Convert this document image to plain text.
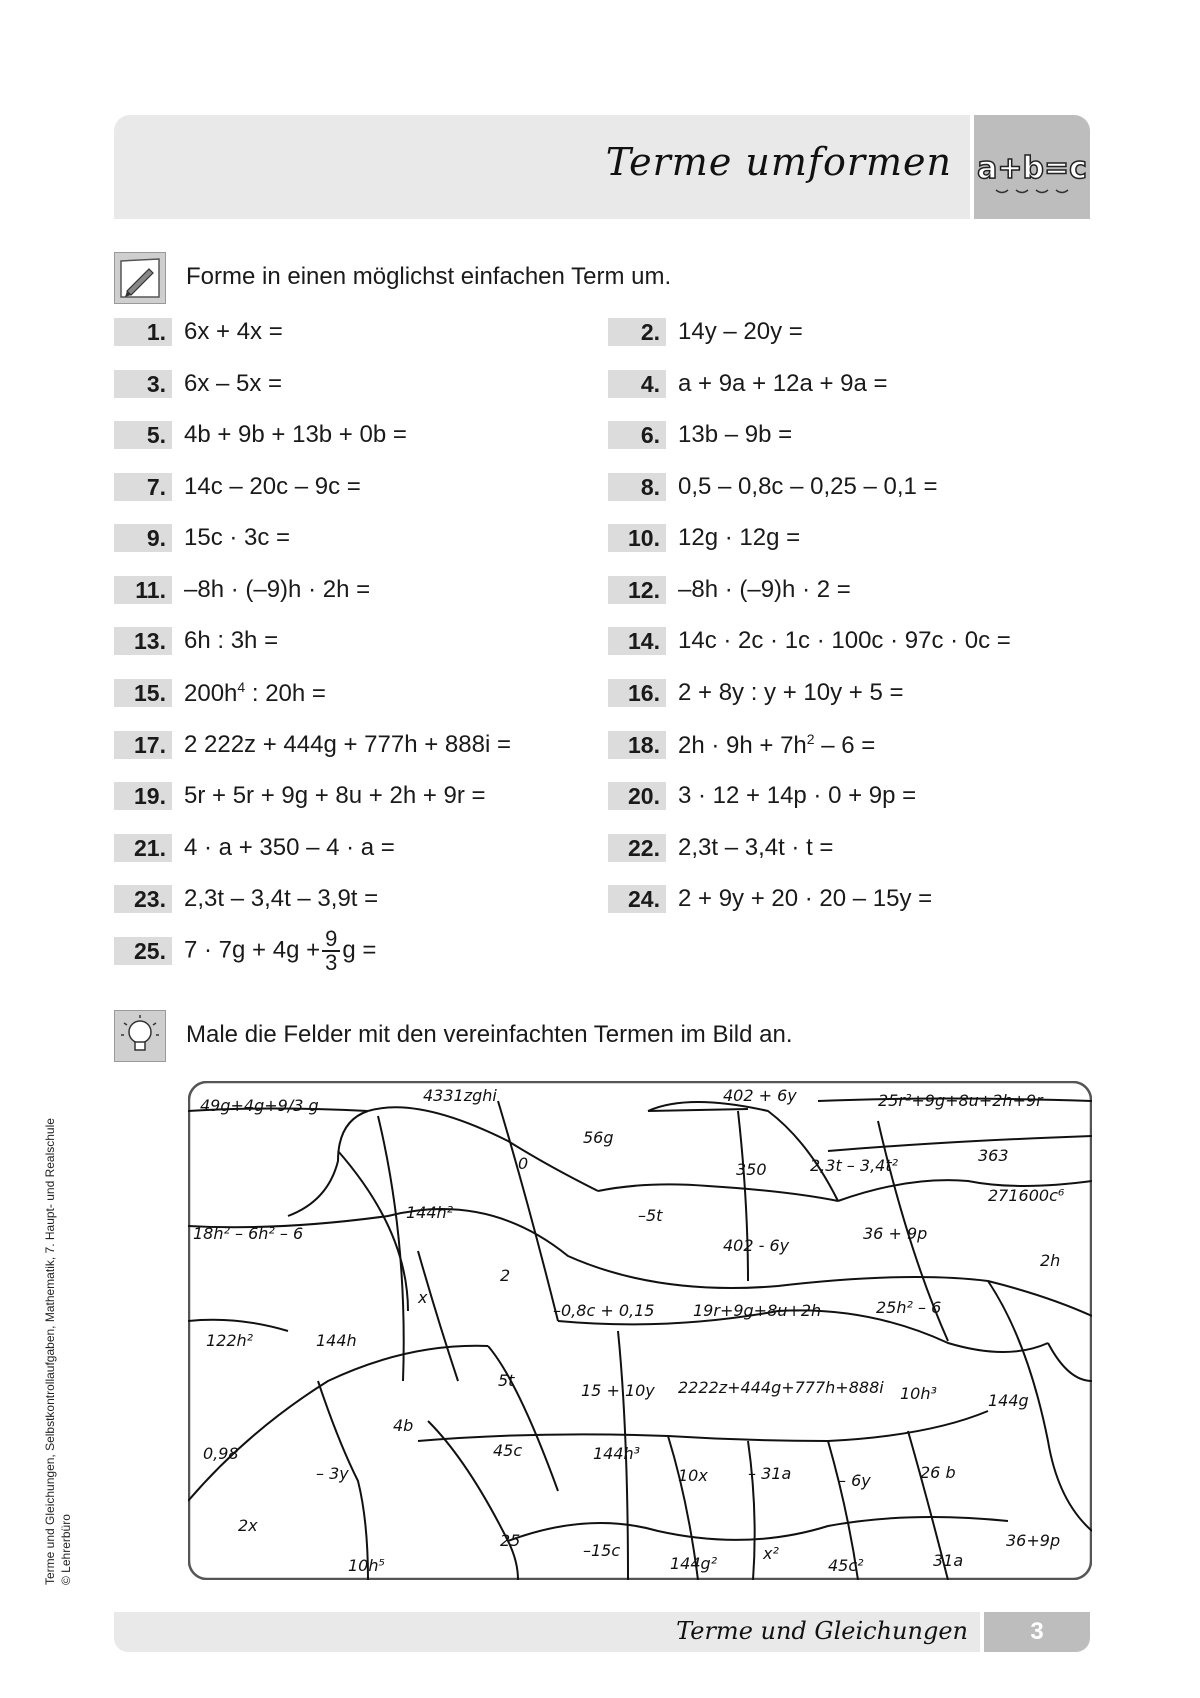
a+b=c
Terme umformen
Forme in einen möglichst einfachen Term um.
1. 6x + 4x =	2. 14y – 20y =
3. 6x – 5x =	4. a + 9a + 12a + 9a =
5. 4b + 9b + 13b + 0b =	6. 13b – 9b =
7. 14c – 20c – 9c =	8. 0,5 – 0,8c – 0,25 – 0,1 =
9. 15c · 3c =	10. 12g · 12g =
11. –8h · (–9)h · 2h =	12. –8h · (–9)h · 2 =
13. 6h : 3h =	14. 14c · 2c · 1c · 100c · 97c · 0c =
15. $200h^4$ : 20h =	16. 2 + 8y : y + 10y + 5 =
17. 2 222z + 444g + 777h + 888i =	18. $2h \cdot 9h + 7h^2 - 6$ =
19. 5r + 5r + 9g + 8u + 2h + 9r =	20. 3 · 12 + 14p · 0 + 9p =
21. 4 · a + 350 – 4 · a =	22. 2,3t – 3,4t · t =
23. 2,3t – 3,4t – 3,9t =	24. 2 + 9y + 20 · 20 – 15y =
25. $7 \cdot 7g + 4g + \frac{9}{3}$ g =
Male die Felder mit den vereinfachten Termen im Bild an.
49g+4g+9/3 g
4331zghi	402 + 6y	25r²+9g+8u+2h+9r
0
56g
350	2,3t – 3,4t²
363
271600c⁶
144h²	–5t
18h² – 6h² – 6
402 - 6y
36 + 9p
2h
2
x
–0,8c + 0,15 19r+9g+8u+2h	25h² – 6
122h²	144h
5t
15 + 10y 2222z+444g+777h+888i 10h³	144g
4b
0,98	45c	144h³
10x	– 31a	– 6y	26 b
– 3y
2x
25	36+9p
10h⁵
–15c
144g²
x²
45c²	31a
Terme und Gleichungen, Selbstkontrollaufgaben, Mathematik, 7. Haupt- und Realschule © Lehrerbüro
Terme und Gleichungen	3
